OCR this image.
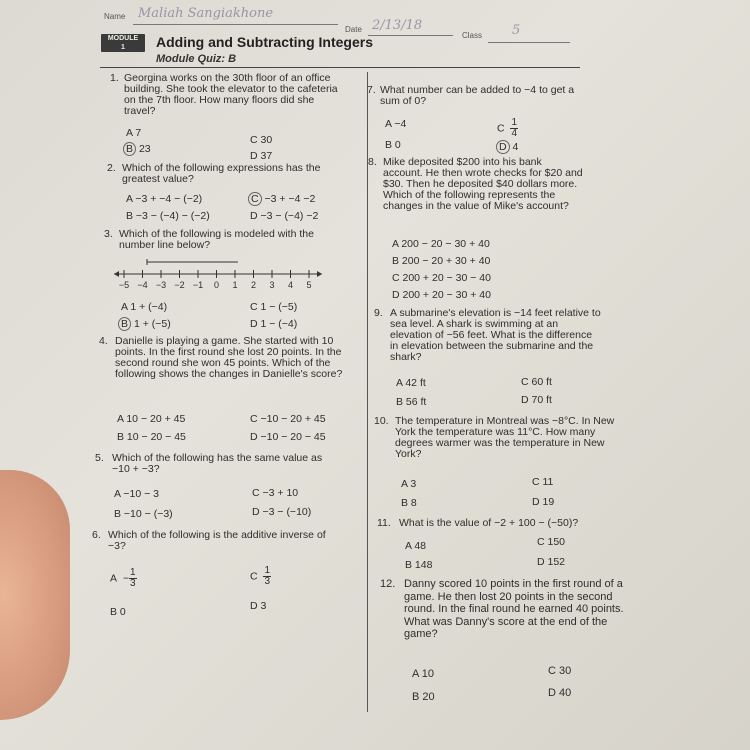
Name Maliah Sangiakhone
Date 2/13/18
Class 5
MODULE
1	Adding and Subtracting Integers
Module Quiz: B
1. Georgina works on the 30th floor of an office building. She took the elevator to the cafeteria on the 7th floor. How many floors did she travel?
A 7
B 23
C 30
D 37
2. Which of the following expressions has the greatest value?
A −3 + −4 − (−2)
B −3 − (−4) − (−2)
C −3 + −4 −2
D −3 − (−4) −2
3. Which of the following is modeled with the number line below?
−5 −4 −3 −2 −1 0 1 2 3 4 5
A 1 + (−4)
B 1 + (−5)
C 1 − (−5)
D 1 − (−4)
4. Danielle is playing a game. She started with 10 points. In the first round she lost 20 points. In the second round she won 45 points. Which of the following shows the changes in Danielle's score?
A 10 − 20 + 45
B 10 − 20 − 45
C −10 − 20 + 45
D −10 − 20 − 45
5. Which of the following has the same value as −10 + −3?
A −10 − 3
B −10 − (−3)
C −3 + 10
D −3 − (−10)
6. Which of the following is the additive inverse of −3?
$A - \frac{1}{3}$
B 0
C $\frac{1}{3}$
D 3
7. What number can be added to −4 to get a sum of 0?
A −4
B 0
C $\frac{1}{4}$
D 4
8. Mike deposited $200 into his bank account. He then wrote checks for $20 and $30. Then he deposited $40 dollars more. Which of the following represents the changes in the value of Mike's account?
A 200 − 20 − 30 + 40
B 200 − 20 + 30 + 40
C 200 + 20 − 30 − 40
D 200 + 20 − 30 + 40
9. A submarine's elevation is −14 feet relative to sea level. A shark is swimming at an elevation of −56 feet. What is the difference in elevation between the submarine and the shark?
A 42 ft
B 56 ft
C 60 ft
D 70 ft
10. The temperature in Montreal was −8°C. In New York the temperature was 11°C. How many degrees warmer was the temperature in New York?
A 3
B 8
C 11
D 19
11. What is the value of −2 + 100 − (−50)?
A 48
B 148
C 150
D 152
12. Danny scored 10 points in the first round of a game. He then lost 20 points in the second round. In the final round he earned 40 points. What was Danny's score at the end of the game?
A 10
B 20
C 30
D 40
